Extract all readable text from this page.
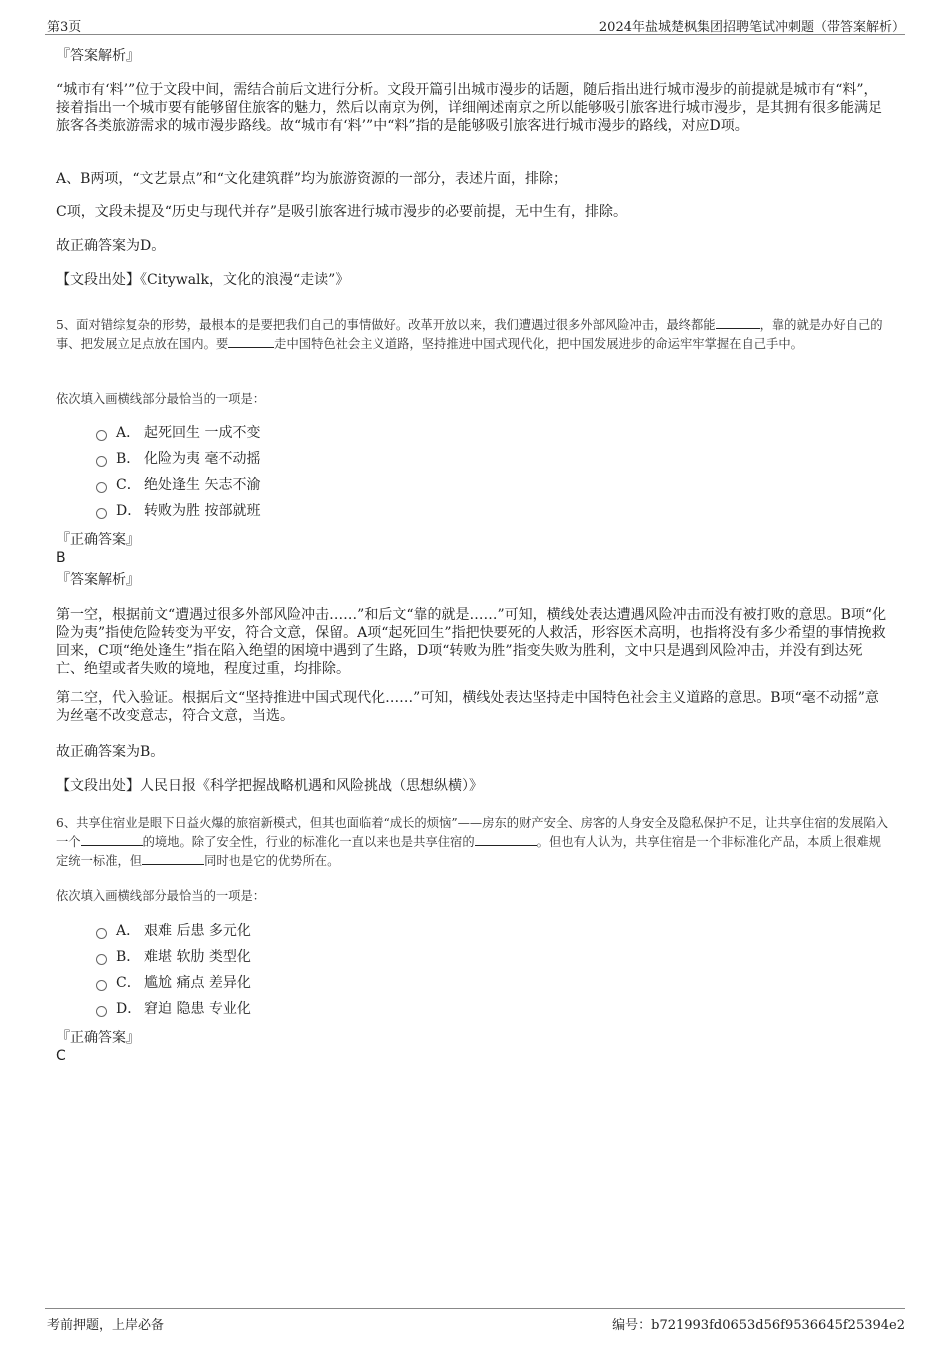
第3页	2024年盐城楚枫集团招聘笔试冲刺题（带答案解析）
『答案解析』
“城市有‘料’”位于文段中间，需结合前后文进行分析。文段开篇引出城市漫步的话题，随后指出进行城市漫步的前提就是城市有“料”，接着指出一个城市要有能够留住旅客的魅力，然后以南京为例，详细阐述南京之所以能够吸引旅客进行城市漫步，是其拥有很多能满足旅客各类旅游需求的城市漫步路线。故“城市有‘料’”中“料”指的是能够吸引旅客进行城市漫步的路线，对应D项。
A、B两项，“文艺景点”和“文化建筑群”均为旅游资源的一部分，表述片面，排除；
C项，文段未提及“历史与现代并存”是吸引旅客进行城市漫步的必要前提，无中生有，排除。
故正确答案为D。
【文段出处】《Citywalk，文化的浪漫“走读”》
5、面对错综复杂的形势，最根本的是要把我们自己的事情做好。改革开放以来，我们遭遇过很多外部风险冲击，最终都能	，靠的就是办好自己的事、把发展立足点放在国内。要	走中国特色社会主义道路，坚持推进中国式现代化，把中国发展进步的命运牢牢掌握在自己手中。
依次填入画横线部分最恰当的一项是：
A． 起死回生 一成不变
B． 化险为夷 毫不动摇
C． 绝处逢生 矢志不渝
D． 转败为胜 按部就班
『正确答案』
B
『答案解析』
第一空，根据前文“遭遇过很多外部风险冲击……”和后文“靠的就是……”可知，横线处表达遭遇风险冲击而没有被打败的意思。B项“化险为夷”指使危险转变为平安，符合文意，保留。A项“起死回生”指把快要死的人救活，形容医术高明，也指将没有多少希望的事情挽救回来，C项“绝处逢生”指在陷入绝望的困境中遇到了生路，D项“转败为胜”指变失败为胜利，文中只是遇到风险冲击，并没有到达死亡、绝望或者失败的境地，程度过重，均排除。
第二空，代入验证。根据后文“坚持推进中国式现代化……”可知，横线处表达坚持走中国特色社会主义道路的意思。B项“毫不动摇”意为丝毫不改变意志，符合文意，当选。
故正确答案为B。
【文段出处】人民日报《科学把握战略机遇和风险挑战（思想纵横）》
6、共享住宿业是眼下日益火爆的旅宿新模式，但其也面临着“成长的烦恼”——房东的财产安全、房客的人身安全及隐私保护不足，让共享住宿的发展陷入一个	的境地。除了安全性，行业的标准化一直以来也是共享住宿的	。但也有人认为，共享住宿是一个非标准化产品，本质上很难规定统一标准，但	同时也是它的优势所在。
依次填入画横线部分最恰当的一项是：
A． 艰难 后患 多元化
B． 难堪 软肋 类型化
C． 尴尬 痛点 差异化
D． 窘迫 隐患 专业化
『正确答案』
C
考前押题，上岸必备	编号：b721993fd0653d56f9536645f25394e2
